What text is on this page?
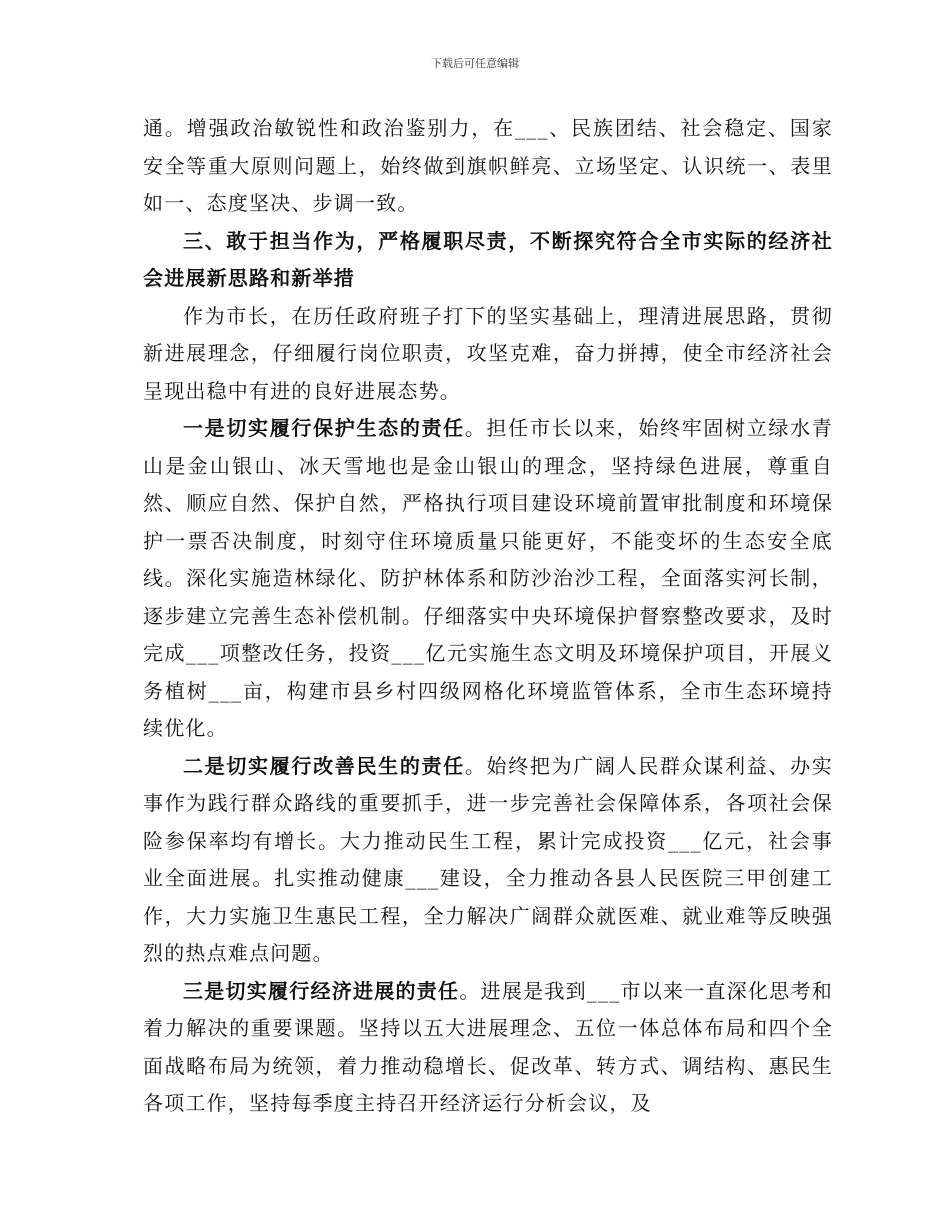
下载后可任意编辑

通。增强政治敏锐性和政治鉴别力，在___、民族团结、社会稳定、国家安全等重大原则问题上，始终做到旗帜鲜亮、立场坚定、认识统一、表里如一、态度坚决、步调一致。

三、敢于担当作为，严格履职尽责，不断探究符合全市实际的经济社会进展新思路和新举措

作为市长，在历任政府班子打下的坚实基础上，理清进展思路，贯彻新进展理念，仔细履行岗位职责，攻坚克难，奋力拼搏，使全市经济社会呈现出稳中有进的良好进展态势。

一是切实履行保护生态的责任。担任市长以来，始终牢固树立绿水青山是金山银山、冰天雪地也是金山银山的理念，坚持绿色进展，尊重自然、顺应自然、保护自然，严格执行项目建设环境前置审批制度和环境保护一票否决制度，时刻守住环境质量只能更好，不能变坏的生态安全底线。深化实施造林绿化、防护林体系和防沙治沙工程，全面落实河长制，逐步建立完善生态补偿机制。仔细落实中央环境保护督察整改要求，及时完成___项整改任务，投资___亿元实施生态文明及环境保护项目，开展义务植树___亩，构建市县乡村四级网格化环境监管体系，全市生态环境持续优化。

二是切实履行改善民生的责任。始终把为广阔人民群众谋利益、办实事作为践行群众路线的重要抓手，进一步完善社会保障体系，各项社会保险参保率均有增长。大力推动民生工程，累计完成投资___亿元，社会事业全面进展。扎实推动健康___建设，全力推动各县人民医院三甲创建工作，大力实施卫生惠民工程，全力解决广阔群众就医难、就业难等反映强烈的热点难点问题。

三是切实履行经济进展的责任。进展是我到___市以来一直深化思考和着力解决的重要课题。坚持以五大进展理念、五位一体总体布局和四个全面战略布局为统领，着力推动稳增长、促改革、转方式、调结构、惠民生各项工作，坚持每季度主持召开经济运行分析会议，及
